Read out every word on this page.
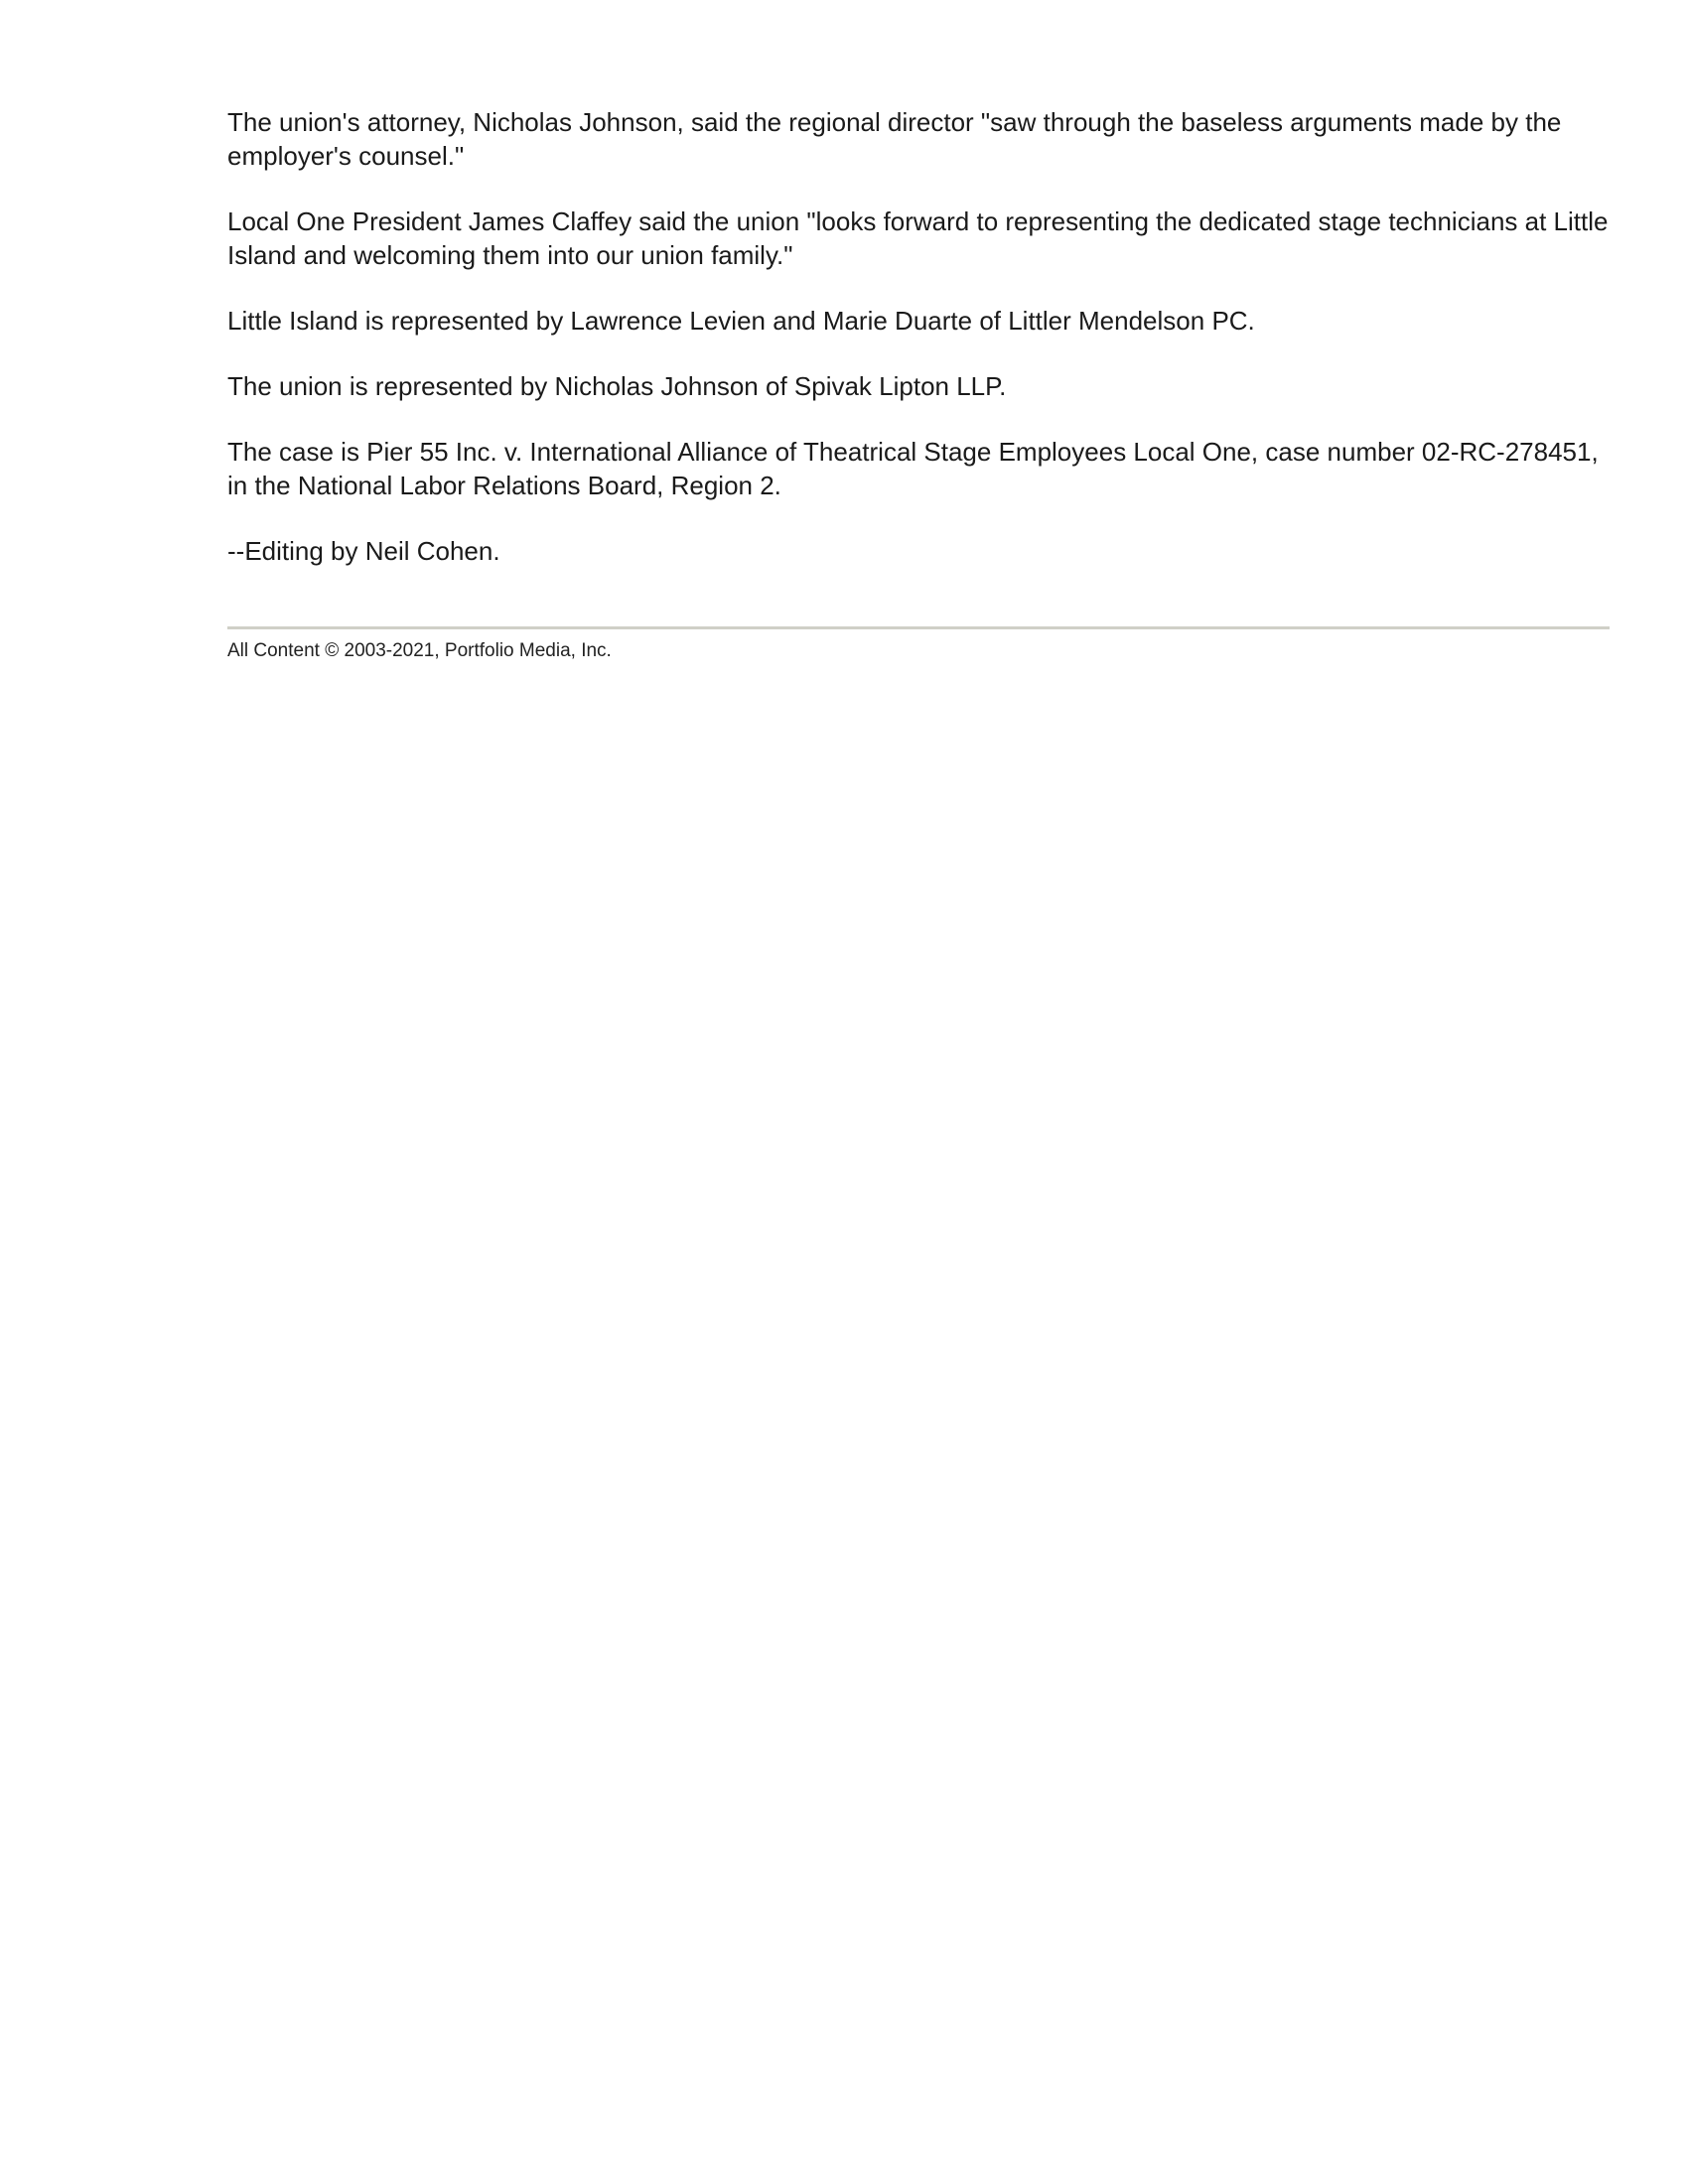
The union's attorney, Nicholas Johnson, said the regional director "saw through the baseless arguments made by the employer's counsel."

Local One President James Claffey said the union "looks forward to representing the dedicated stage technicians at Little Island and welcoming them into our union family."

Little Island is represented by Lawrence Levien and Marie Duarte of Littler Mendelson PC.

The union is represented by Nicholas Johnson of Spivak Lipton LLP.

The case is Pier 55 Inc. v. International Alliance of Theatrical Stage Employees Local One, case number 02-RC-278451, in the National Labor Relations Board, Region 2.

--Editing by Neil Cohen.

All Content © 2003-2021, Portfolio Media, Inc.
